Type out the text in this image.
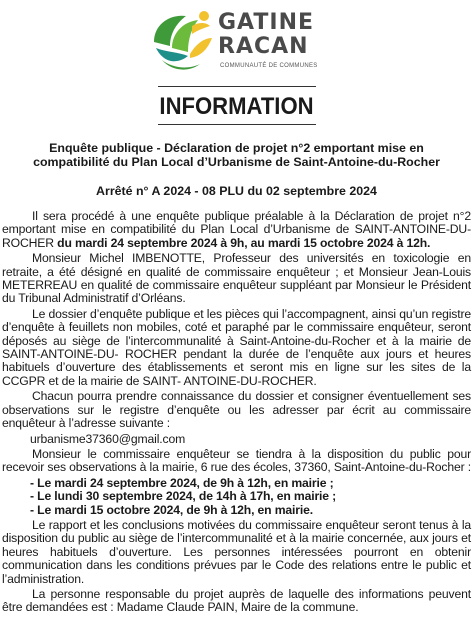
GATINE
RACAN
COMMUNAUTÉ DE COMMUNES
INFORMATION
Enquête publique - Déclaration de projet n°2 emportant mise en compatibilité du Plan Local d’Urbanisme de Saint-Antoine-du-Rocher
Arrêté n° A 2024 - 08 PLU du 02 septembre 2024

Il sera procédé à une enquête publique préalable à la Déclaration de projet n°2 emportant mise en compatibilité du Plan Local d’Urbanisme de SAINT-ANTOINE-DU-ROCHER du mardi 24 septembre 2024 à 9h, au mardi 15 octobre 2024 à 12h.

Monsieur Michel IMBENOTTE, Professeur des universités en toxicologie en retraite, a été désigné en qualité de commissaire enquêteur ; et Monsieur Jean-Louis METERREAU en qualité de commissaire enquêteur suppléant par Monsieur le Président du Tribunal Administratif d’Orléans.

Le dossier d’enquête publique et les pièces qui l’accompagnent, ainsi qu’un registre d’enquête à feuillets non mobiles, coté et paraphé par le commissaire enquêteur, seront déposés au siège de l’intercommunalité à Saint-Antoine-du-Rocher et à la mairie de SAINT-ANTOINE-DU- ROCHER pendant la durée de l’enquête aux jours et heures habituels d’ouverture des établissements et seront mis en ligne sur les sites de la CCGPR et de la mairie de SAINT- ANTOINE-DU-ROCHER.

Chacun pourra prendre connaissance du dossier et consigner éventuellement ses observations sur le registre d’enquête ou les adresser par écrit au commissaire enquêteur à l’adresse suivante :

urbanisme37360@gmail.com

Monsieur le commissaire enquêteur se tiendra à la disposition du public pour recevoir ses observations à la mairie, 6 rue des écoles, 37360, Saint-Antoine-du-Rocher :

- Le mardi 24 septembre 2024, de 9h à 12h, en mairie ;
- Le lundi 30 septembre 2024, de 14h à 17h, en mairie ;
- Le mardi 15 octobre 2024, de 9h à 12h, en mairie.

Le rapport et les conclusions motivées du commissaire enquêteur seront tenus à la disposition du public au siège de l’intercommunalité et à la mairie concernée, aux jours et heures habituels d’ouverture. Les personnes intéressées pourront en obtenir communication dans les conditions prévues par le Code des relations entre le public et l’administration.

La personne responsable du projet auprès de laquelle des informations peuvent être demandées est : Madame Claude PAIN, Maire de la commune.
